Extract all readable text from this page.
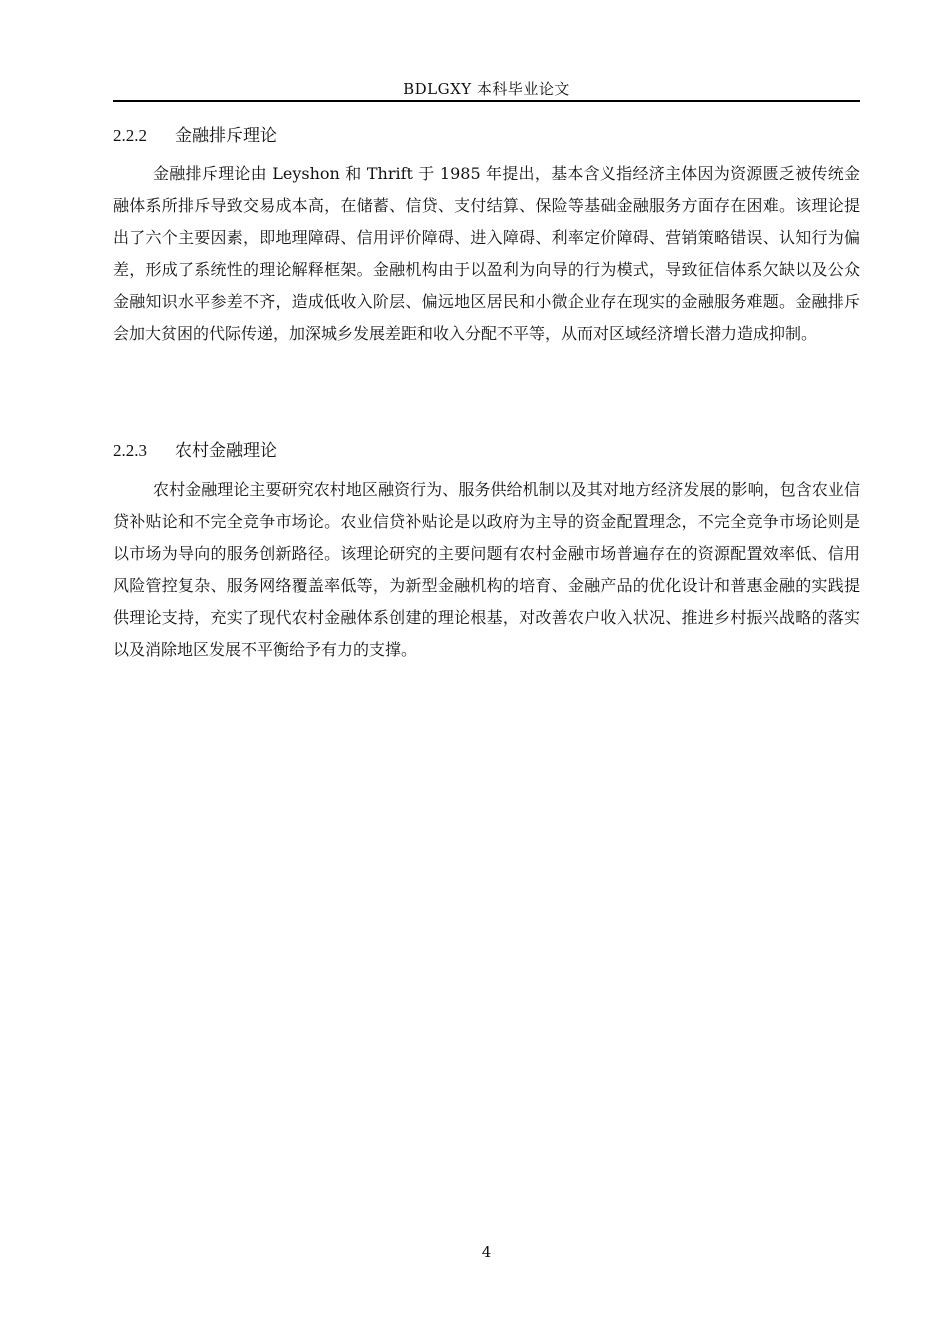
BDLGXY 本科毕业论文
2.2.2 金融排斥理论

金融排斥理论由 Leyshon 和 Thrift 于 1985 年提出，基本含义指经济主体因为资源匮乏被传统金融体系所排斥导致交易成本高，在储蓄、信贷、支付结算、保险等基础金融服务方面存在困难。该理论提出了六个主要因素，即地理障碍、信用评价障碍、进入障碍、利率定价障碍、营销策略错误、认知行为偏差，形成了系统性的理论解释框架。金融机构由于以盈利为向导的行为模式，导致征信体系欠缺以及公众金融知识水平参差不齐，造成低收入阶层、偏远地区居民和小微企业存在现实的金融服务难题。金融排斥会加大贫困的代际传递，加深城乡发展差距和收入分配不平等，从而对区域经济增长潜力造成抑制。

2.2.3 农村金融理论

农村金融理论主要研究农村地区融资行为、服务供给机制以及其对地方经济发展的影响，包含农业信贷补贴论和不完全竞争市场论。农业信贷补贴论是以政府为主导的资金配置理念，不完全竞争市场论则是以市场为导向的服务创新路径。该理论研究的主要问题有农村金融市场普遍存在的资源配置效率低、信用风险管控复杂、服务网络覆盖率低等，为新型金融机构的培育、金融产品的优化设计和普惠金融的实践提供理论支持，充实了现代农村金融体系创建的理论根基，对改善农户收入状况、推进乡村振兴战略的落实以及消除地区发展不平衡给予有力的支撑。

4
